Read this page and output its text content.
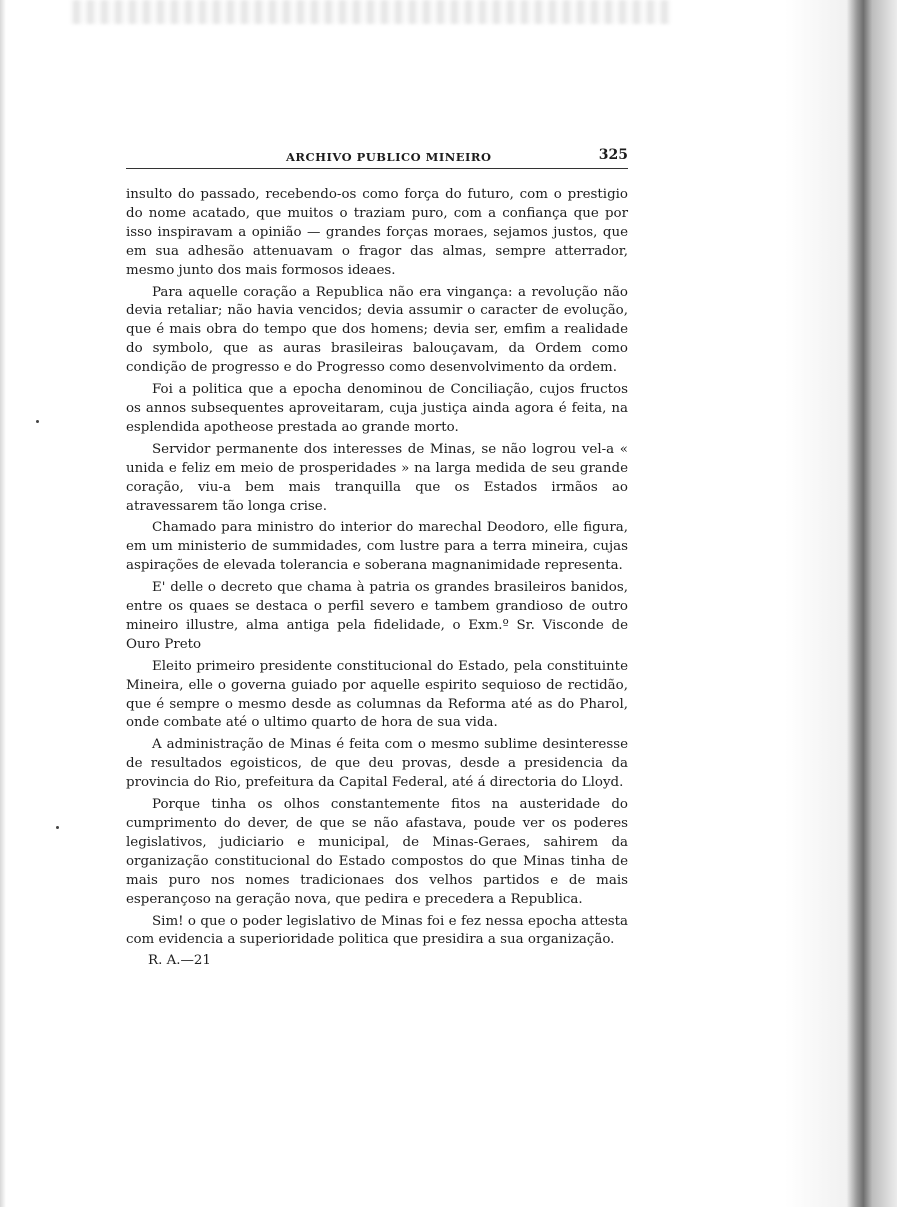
ARCHIVO PUBLICO MINEIRO	325

insulto do passado, recebendo-os como força do futuro, com o prestigio do nome acatado, que muitos o traziam puro, com a confiança que por isso inspiravam a opinião — grandes forças moraes, sejamos justos, que em sua adhesão attenuavam o fragor das almas, sempre atterrador, mesmo junto dos mais formosos ideaes.

Para aquelle coração a Republica não era vingança: a revolução não devia retaliar; não havia vencidos; devia assumir o caracter de evolução, que é mais obra do tempo que dos homens; devia ser, emfim a realidade do symbolo, que as auras brasileiras balouçavam, da Ordem como condição de progresso e do Progresso como desenvolvimento da ordem.

Foi a politica que a epocha denominou de Conciliação, cujos fructos os annos subsequentes aproveitaram, cuja justiça ainda agora é feita, na esplendida apotheose prestada ao grande morto.

Servidor permanente dos interesses de Minas, se não logrou vel-a « unida e feliz em meio de prosperidades » na larga medida de seu grande coração, viu-a bem mais tranquilla que os Estados irmãos ao atravessarem tão longa crise.

Chamado para ministro do interior do marechal Deodoro, elle figura, em um ministerio de summidades, com lustre para a terra mineira, cujas aspirações de elevada tolerancia e soberana magnanimidade representa.

E' delle o decreto que chama à patria os grandes brasileiros banidos, entre os quaes se destaca o perfil severo e tambem grandioso de outro mineiro illustre, alma antiga pela fidelidade, o Exm.º Sr. Visconde de Ouro Preto

Eleito primeiro presidente constitucional do Estado, pela constituinte Mineira, elle o governa guiado por aquelle espirito sequioso de rectidão, que é sempre o mesmo desde as columnas da Reforma até as do Pharol, onde combate até o ultimo quarto de hora de sua vida.

A administração de Minas é feita com o mesmo sublime desinteresse de resultados egoisticos, de que deu provas, desde a presidencia da provincia do Rio, prefeitura da Capital Federal, até á directoria do Lloyd.

Porque tinha os olhos constantemente fitos na austeridade do cumprimento do dever, de que se não afastava, poude ver os poderes legislativos, judiciario e municipal, de Minas-Geraes, sahirem da organização constitucional do Estado compostos do que Minas tinha de mais puro nos nomes tradicionaes dos velhos partidos e de mais esperançoso na geração nova, que pedira e precedera a Republica.

Sim! o que o poder legislativo de Minas foi e fez nessa epocha attesta com evidencia a superioridade politica que presidira a sua organização.

R. A.—21
